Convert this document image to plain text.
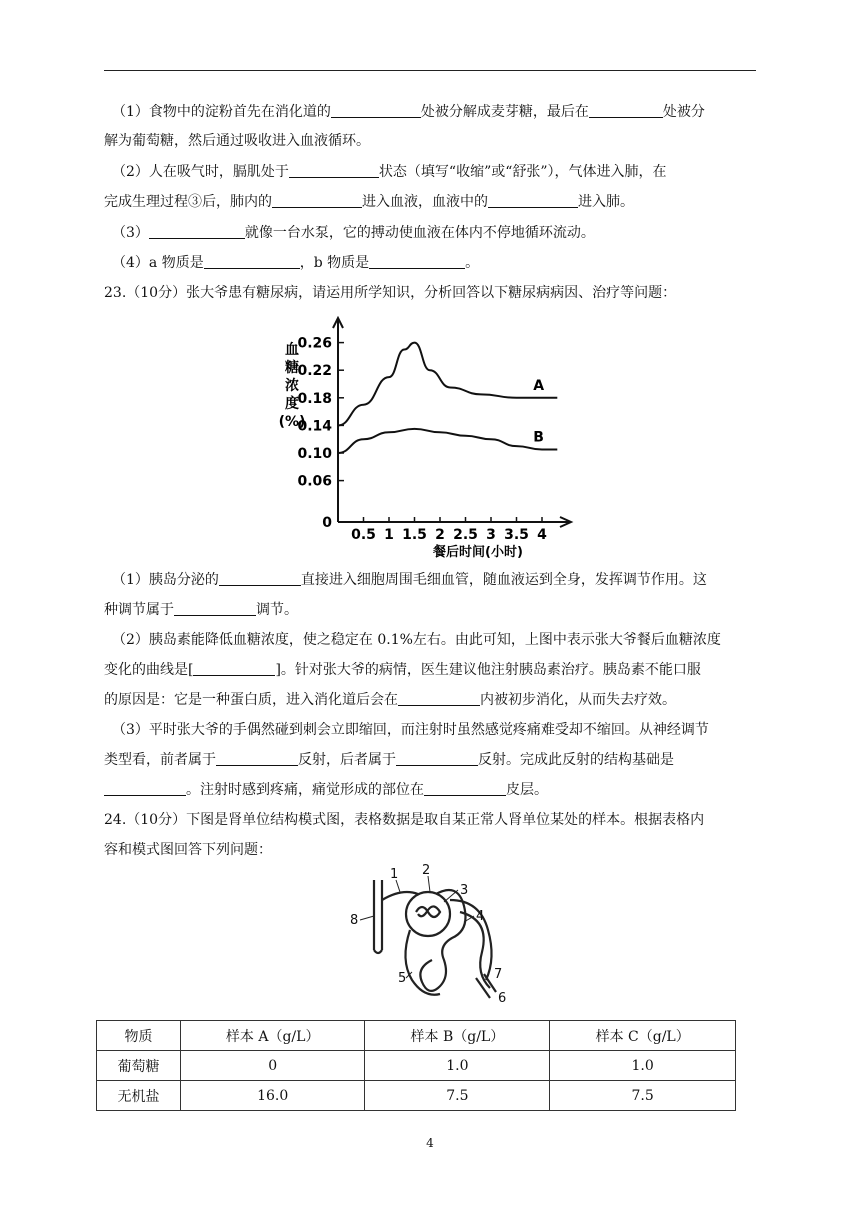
（1）食物中的淀粉首先在消化道的	处被分解成麦芽糖，最后在	处被分
解为葡萄糖，然后通过吸收进入血液循环。
（2）人在吸气时，膈肌处于	状态（填写“收缩”或“舒张”），气体进入肺，在
完成生理过程③后，肺内的	进入血液，血液中的	进入肺。
（3）	就像一台水泵，它的搏动使血液在体内不停地循环流动。
（4）a 物质是	，b 物质是	。
23.（10分）张大爷患有糖尿病，请运用所学知识，分析回答以下糖尿病病因、治疗等问题：
0
0.06
0.10
0.14
0.18
0.22
0.26
0.5 1 1.5 2 2.5 3 3.5 4
A
B
血
糖
浓
度
(%)
餐后时间(小时)
（1）胰岛分泌的	直接进入细胞周围毛细血管，随血液运到全身，发挥调节作用。这
种调节属于	调节。
（2）胰岛素能降低血糖浓度，使之稳定在 0.1%左右。由此可知，上图中表示张大爷餐后血糖浓度
变化的曲线是[	]。针对张大爷的病情，医生建议他注射胰岛素治疗。胰岛素不能口服
的原因是：它是一种蛋白质，进入消化道后会在	内被初步消化，从而失去疗效。
（3）平时张大爷的手偶然碰到刺会立即缩回，而注射时虽然感觉疼痛难受却不缩回。从神经调节
类型看，前者属于	反射，后者属于	反射。完成此反射的结构基础是
。注射时感到疼痛，痛觉形成的部位在	皮层。
24.（10分）下图是肾单位结构模式图，表格数据是取自某正常人肾单位某处的样本。根据表格内
容和模式图回答下列问题：
1 2
3
4
5
6
7
8
物质	样本 A（g/L）	样本 B（g/L）	样本 C（g/L）
葡萄糖	0	1.0	1.0
无机盐	16.0	7.5	7.5
4
